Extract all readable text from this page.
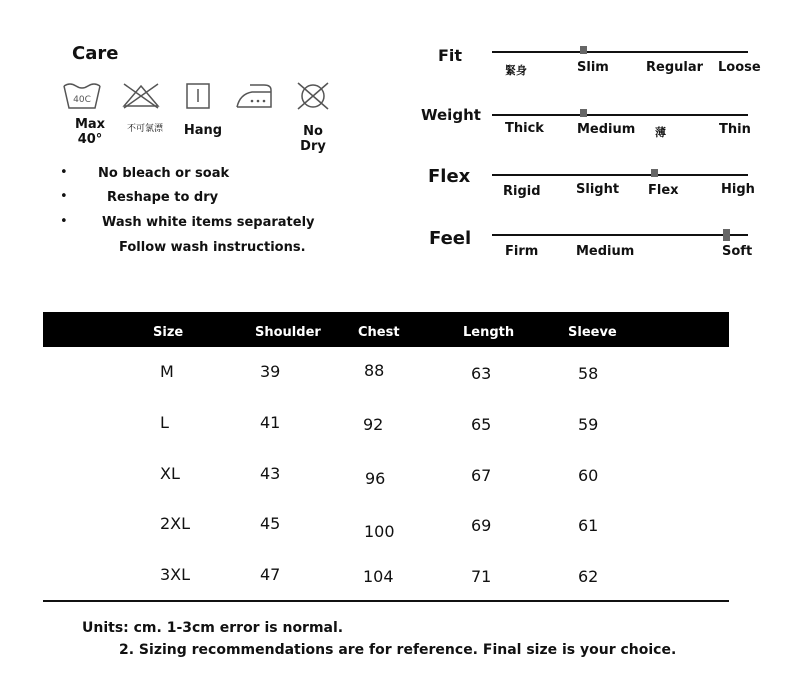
Care
40C
Max
40°
不可氯漂	Hang	No
Dry
• No bleach or soak
•	Reshape to dry
•	Wash white items separately
Follow wash instructions.
Fit
緊身	Slim	Regular Loose
Weight
Thick	Medium 薄	Thin
Flex
Rigid	Slight Flex	High
Feel
Firm	Medium	Soft
Size	Shoulder	Chest	Length	Sleeve
M	39	88	63	58
L	41	92	65	59
XL	43	96	67	60
2XL	45	100	69	61
3XL	47	104	71	62
Units: cm. 1-3cm error is normal.
2. Sizing recommendations are for reference. Final size is your choice.
